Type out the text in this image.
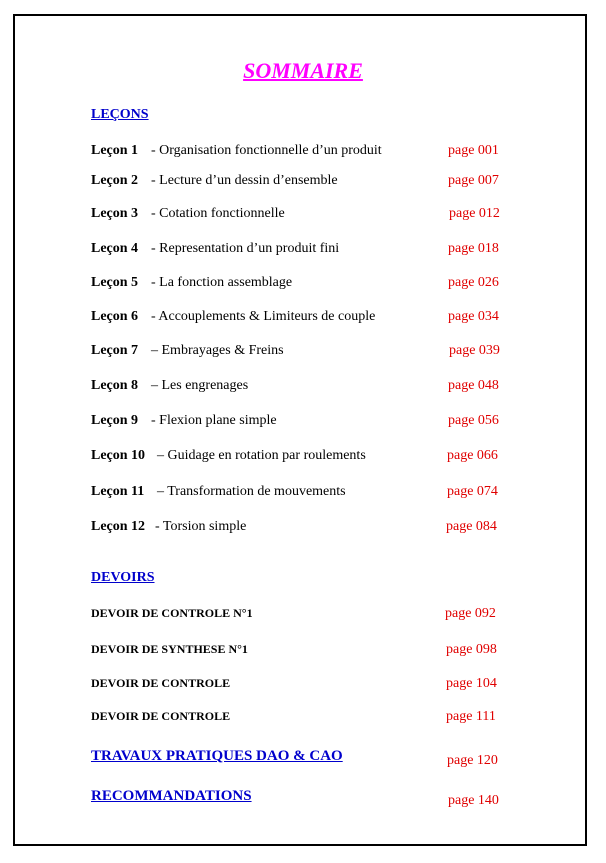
SOMMAIRE
LEÇONS
Leçon 1 - Organisation fonctionnelle d’un produit	page 001
Leçon 2 - Lecture d’un dessin d’ensemble	page 007
Leçon 3 - Cotation fonctionnelle	page 012
Leçon 4 - Representation d’un produit fini	page 018
Leçon 5 - La fonction assemblage	page 026
Leçon 6 - Accouplements & Limiteurs de couple	page 034
Leçon 7 – Embrayages & Freins	page 039
Leçon 8 – Les engrenages	page 048
Leçon 9 - Flexion plane simple	page 056
Leçon 10 – Guidage en rotation par roulements	page 066
Leçon 11 – Transformation de mouvements	page 074
Leçon 12 - Torsion simple	page 084
DEVOIRS
DEVOIR DE CONTROLE N°1	page 092
DEVOIR DE SYNTHESE N°1	page 098
DEVOIR DE CONTROLE	page 104
DEVOIR DE CONTROLE	page 111
TRAVAUX PRATIQUES DAO & CAO	page 120
RECOMMANDATIONS	page 140
